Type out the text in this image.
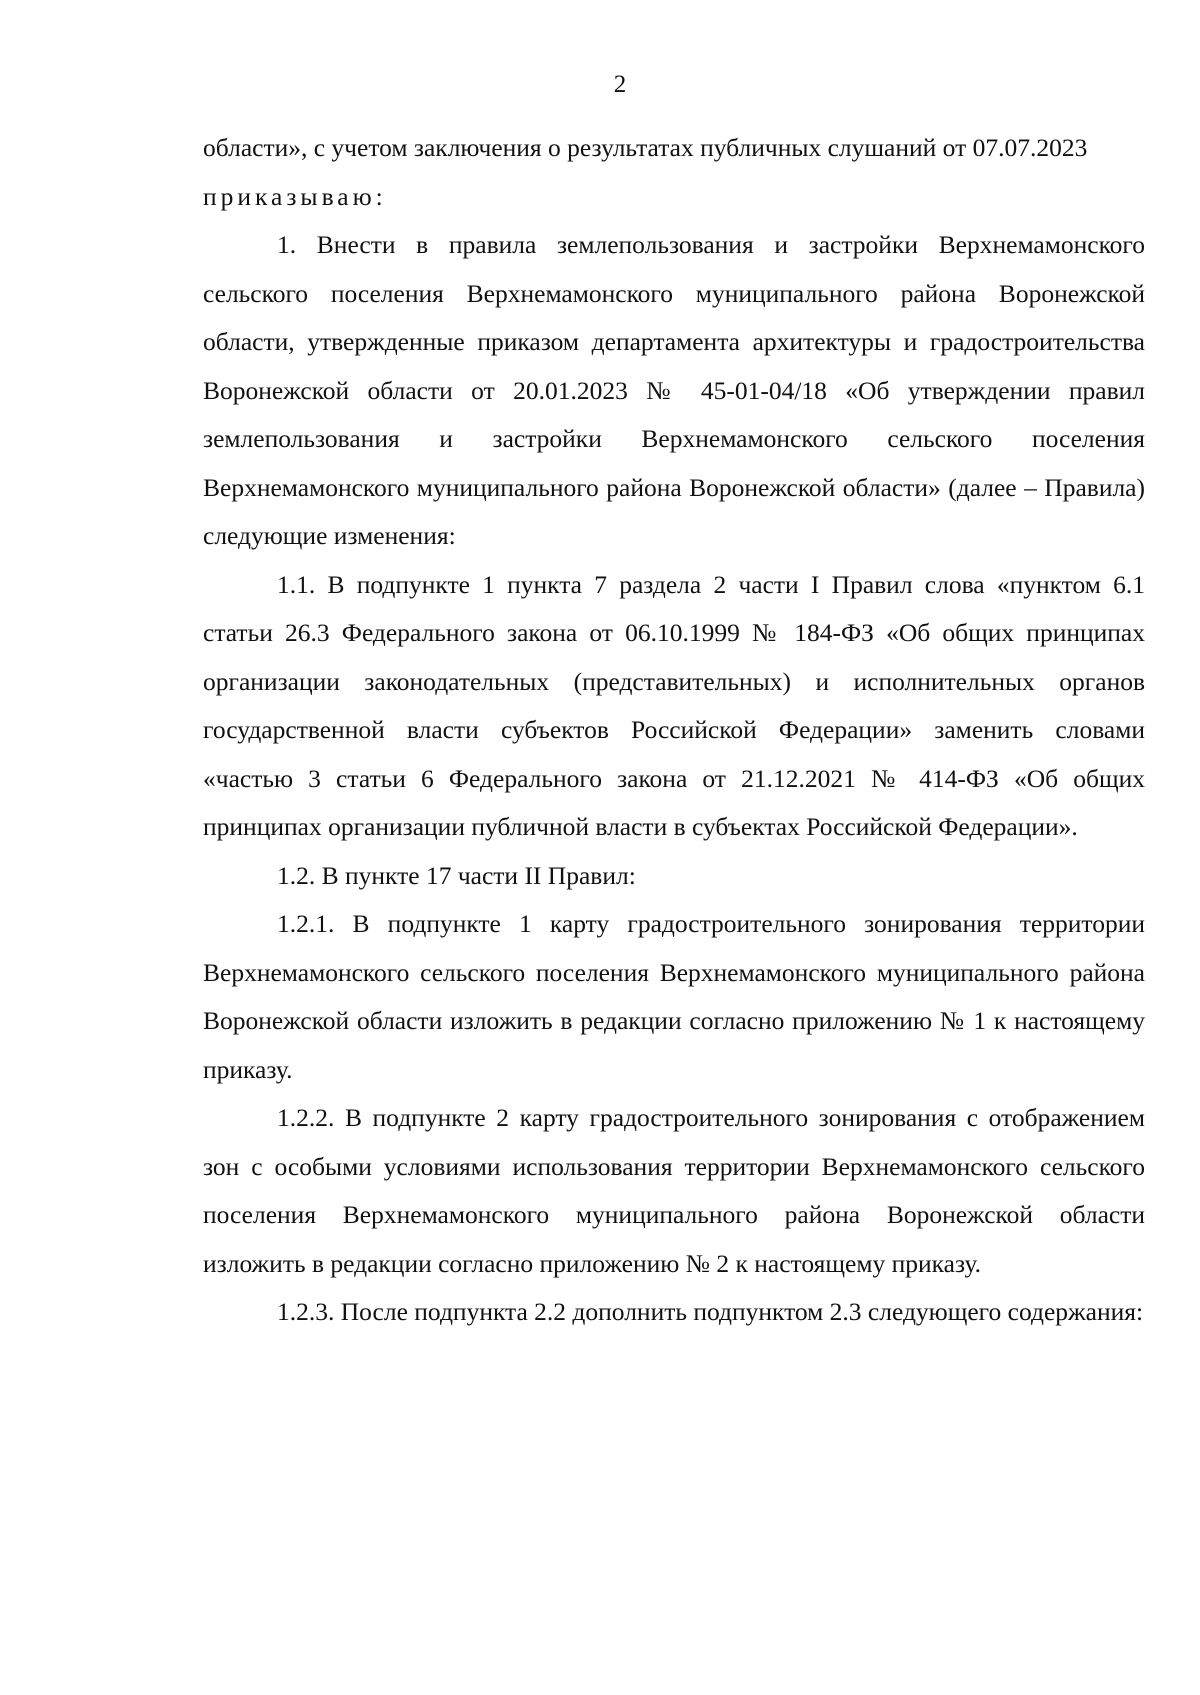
2

области», с учетом заключения о результатах публичных слушаний от 07.07.2023

приказываю:

1. Внести в правила землепользования и застройки Верхнемамонского сельского поселения Верхнемамонского муниципального района Воронежской области, утвержденные приказом департамента архитектуры и градостроительства Воронежской области от 20.01.2023 № 45-01-04/18 «Об утверждении правил землепользования и застройки Верхнемамонского сельского поселения Верхнемамонского муниципального района Воронежской области» (далее – Правила) следующие изменения:

1.1. В подпункте 1 пункта 7 раздела 2 части I Правил слова «пунктом 6.1 статьи 26.3 Федерального закона от 06.10.1999 № 184-ФЗ «Об общих принципах организации законодательных (представительных) и исполнительных органов государственной власти субъектов Российской Федерации» заменить словами «частью 3 статьи 6 Федерального закона от 21.12.2021 № 414-ФЗ «Об общих принципах организации публичной власти в субъектах Российской Федерации».

1.2. В пункте 17 части II Правил:

1.2.1. В подпункте 1 карту градостроительного зонирования территории Верхнемамонского сельского поселения Верхнемамонского муниципального района Воронежской области изложить в редакции согласно приложению № 1 к настоящему приказу.

1.2.2. В подпункте 2 карту градостроительного зонирования с отображением зон с особыми условиями использования территории Верхнемамонского сельского поселения Верхнемамонского муниципального района Воронежской области изложить в редакции согласно приложению № 2 к настоящему приказу.

1.2.3. После подпункта 2.2 дополнить подпунктом 2.3 следующего содержания:
